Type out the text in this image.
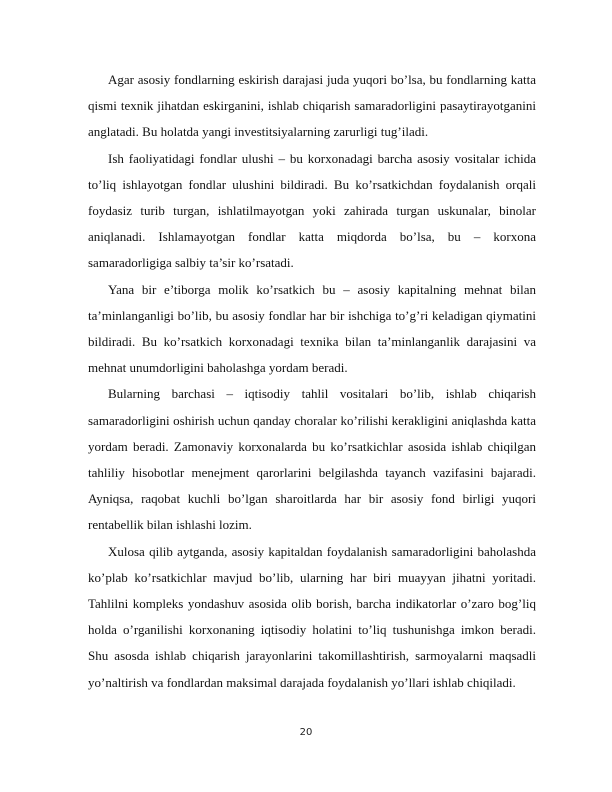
Agar asosiy fondlarning eskirish darajasi juda yuqori bo’lsa, bu fondlarning katta qismi texnik jihatdan eskirganini, ishlab chiqarish samaradorligini pasaytirayotganini anglatadi. Bu holatda yangi investitsiyalarning zarurligi tug’iladi.

Ish faoliyatidagi fondlar ulushi – bu korxonadagi barcha asosiy vositalar ichida to’liq ishlayotgan fondlar ulushini bildiradi. Bu ko’rsatkichdan foydalanish orqali foydasiz turib turgan, ishlatilmayotgan yoki zahirada turgan uskunalar, binolar aniqlanadi. Ishlamayotgan fondlar katta miqdorda bo’lsa, bu – korxona samaradorligiga salbiy ta’sir ko’rsatadi.

Yana bir e’tiborga molik ko’rsatkich bu – asosiy kapitalning mehnat bilan ta’minlanganligi bo’lib, bu asosiy fondlar har bir ishchiga to’g’ri keladigan qiymatini bildiradi. Bu ko’rsatkich korxonadagi texnika bilan ta’minlanganlik darajasini va mehnat unumdorligini baholashga yordam beradi.

Bularning barchasi – iqtisodiy tahlil vositalari bo’lib, ishlab chiqarish samaradorligini oshirish uchun qanday choralar ko’rilishi kerakligini aniqlashda katta yordam beradi. Zamonaviy korxonalarda bu ko’rsatkichlar asosida ishlab chiqilgan tahliliy hisobotlar menejment qarorlarini belgilashda tayanch vazifasini bajaradi. Ayniqsa, raqobat kuchli bo’lgan sharoitlarda har bir asosiy fond birligi yuqori rentabellik bilan ishlashi lozim.

Xulosa qilib aytganda, asosiy kapitaldan foydalanish samaradorligini baholashda ko’plab ko’rsatkichlar mavjud bo’lib, ularning har biri muayyan jihatni yoritadi. Tahlilni kompleks yondashuv asosida olib borish, barcha indikatorlar o’zaro bog’liq holda o’rganilishi korxonaning iqtisodiy holatini to’liq tushunishga imkon beradi. Shu asosda ishlab chiqarish jarayonlarini takomillashtirish, sarmoyalarni maqsadli yo’naltirish va fondlardan maksimal darajada foydalanish yo’llari ishlab chiqiladi.

20
